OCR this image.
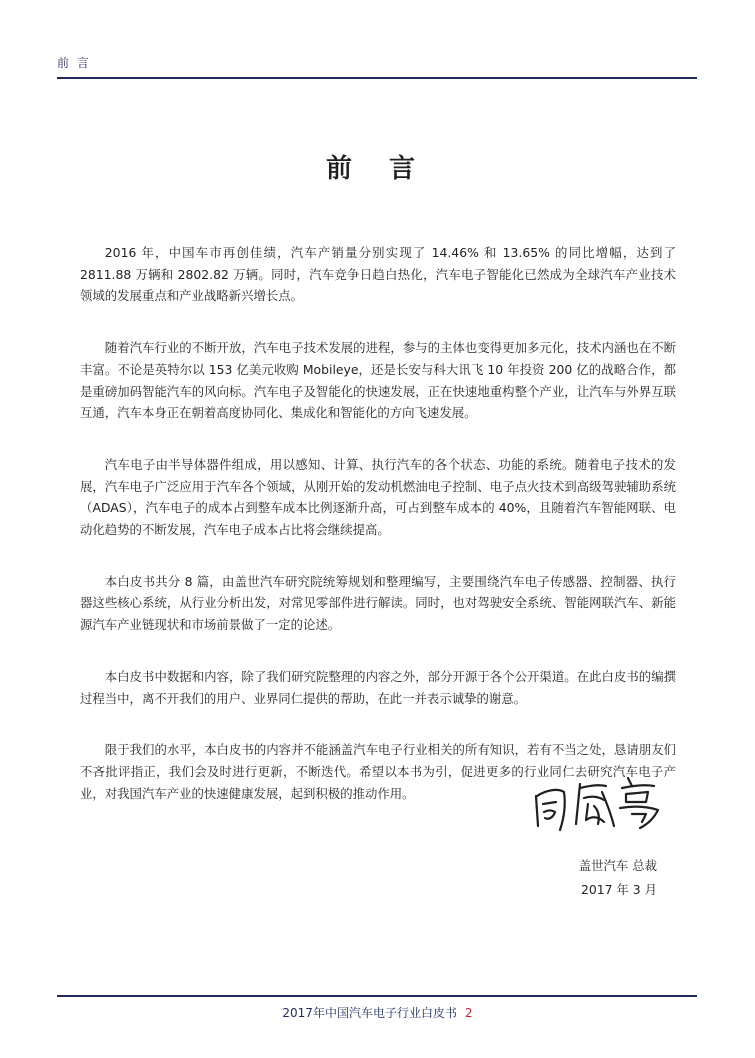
前 言
前 言

2016 年，中国车市再创佳绩，汽车产销量分别实现了 14.46% 和 13.65% 的同比增幅，达到了 2811.88 万辆和 2802.82 万辆。同时，汽车竞争日趋白热化，汽车电子智能化已然成为全球汽车产业技术领域的发展重点和产业战略新兴增长点。

随着汽车行业的不断开放，汽车电子技术发展的进程，参与的主体也变得更加多元化，技术内涵也在不断丰富。不论是英特尔以 153 亿美元收购 Mobileye，还是长安与科大讯飞 10 年投资 200 亿的战略合作，都是重磅加码智能汽车的风向标。汽车电子及智能化的快速发展，正在快速地重构整个产业，让汽车与外界互联互通，汽车本身正在朝着高度协同化、集成化和智能化的方向飞速发展。

汽车电子由半导体器件组成，用以感知、计算、执行汽车的各个状态、功能的系统。随着电子技术的发展，汽车电子广泛应用于汽车各个领域，从刚开始的发动机燃油电子控制、电子点火技术到高级驾驶辅助系统（ADAS），汽车电子的成本占到整车成本比例逐渐升高，可占到整车成本的 40%，且随着汽车智能网联、电动化趋势的不断发展，汽车电子成本占比将会继续提高。

本白皮书共分 8 篇，由盖世汽车研究院统筹规划和整理编写，主要围绕汽车电子传感器、控制器、执行器这些核心系统，从行业分析出发，对常见零部件进行解读。同时，也对驾驶安全系统、智能网联汽车、新能源汽车产业链现状和市场前景做了一定的论述。

本白皮书中数据和内容，除了我们研究院整理的内容之外，部分开源于各个公开渠道。在此白皮书的编撰过程当中，离不开我们的用户、业界同仁提供的帮助，在此一并表示诚挚的谢意。

限于我们的水平，本白皮书的内容并不能涵盖汽车电子行业相关的所有知识，若有不当之处，恳请朋友们不吝批评指正，我们会及时进行更新，不断迭代。希望以本书为引，促进更多的行业同仁去研究汽车电子产业，对我国汽车产业的快速健康发展，起到积极的推动作用。

盖世汽车 总裁
2017 年 3 月
2017年中国汽车电子行业白皮书 2
